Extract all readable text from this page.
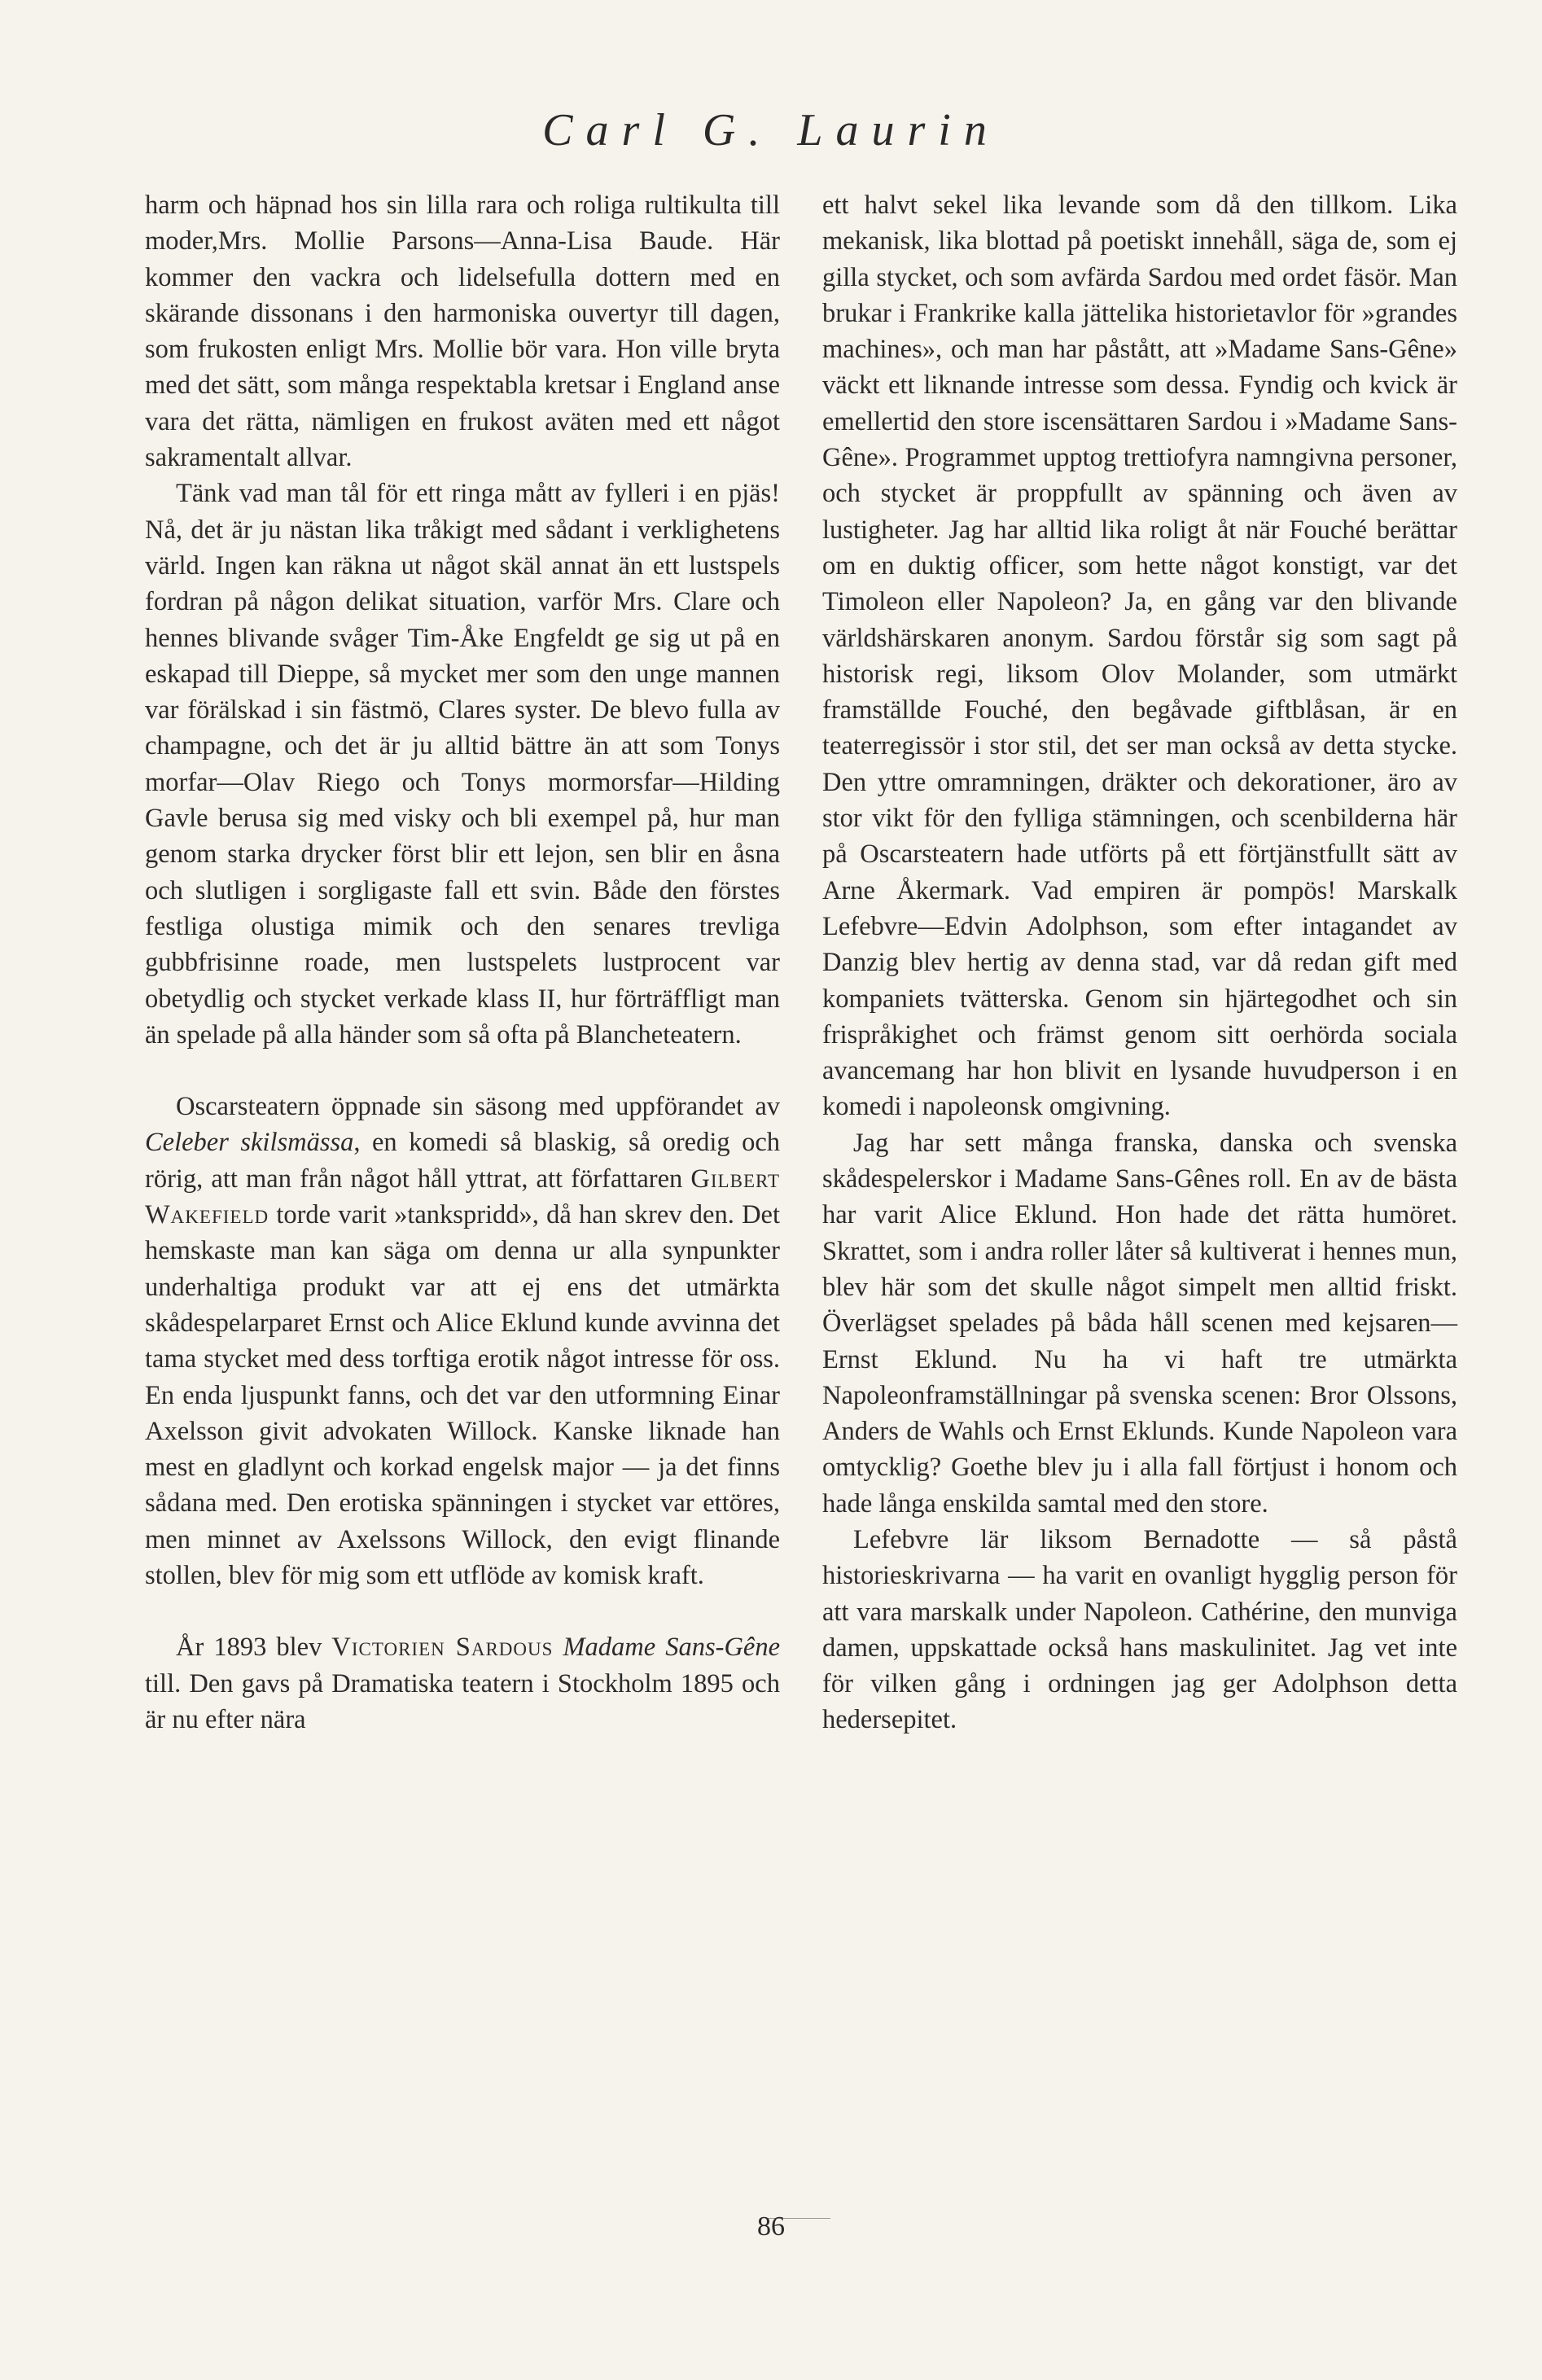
Carl G. Laurin

harm och häpnad hos sin lilla rara och roliga rultikulta till moder,Mrs. Mollie Parsons—Anna-Lisa Baude. Här kommer den vackra och lidelsefulla dottern med en skärande dissonans i den harmoniska ouvertyr till dagen, som frukosten enligt Mrs. Mollie bör vara. Hon ville bryta med det sätt, som många respektabla kretsar i England anse vara det rätta, nämligen en frukost aväten med ett något sakramentalt allvar.

Tänk vad man tål för ett ringa mått av fylleri i en pjäs! Nå, det är ju nästan lika tråkigt med sådant i verklighetens värld. Ingen kan räkna ut något skäl annat än ett lustspels fordran på någon delikat situation, varför Mrs. Clare och hennes blivande svåger Tim-Åke Engfeldt ge sig ut på en eskapad till Dieppe, så mycket mer som den unge mannen var förälskad i sin fästmö, Clares syster. De blevo fulla av champagne, och det är ju alltid bättre än att som Tonys morfar—Olav Riego och Tonys mormorsfar—Hilding Gavle berusa sig med visky och bli exempel på, hur man genom starka drycker först blir ett lejon, sen blir en åsna och slutligen i sorgligaste fall ett svin. Både den förstes festliga olustiga mimik och den senares trevliga gubbfrisinne roade, men lustspelets lustprocent var obetydlig och stycket verkade klass II, hur förträffligt man än spelade på alla händer som så ofta på Blancheteatern.

Oscarsteatern öppnade sin säsong med uppförandet av Celeber skilsmässa, en komedi så blaskig, så oredig och rörig, att man från något håll yttrat, att författaren Gilbert Wakefield torde varit »tankspridd», då han skrev den. Det hemskaste man kan säga om denna ur alla synpunkter underhaltiga produkt var att ej ens det utmärkta skådespelarparet Ernst och Alice Eklund kunde avvinna det tama stycket med dess torftiga erotik något intresse för oss. En enda ljuspunkt fanns, och det var den utformning Einar Axelsson givit advokaten Willock. Kanske liknade han mest en gladlynt och korkad engelsk major — ja det finns sådana med. Den erotiska spänningen i stycket var ettöres, men minnet av Axelssons Willock, den evigt flinande stollen, blev för mig som ett utflöde av komisk kraft.

År 1893 blev Victorien Sardous Madame Sans-Gêne till. Den gavs på Dramatiska teatern i Stockholm 1895 och är nu efter nära

ett halvt sekel lika levande som då den tillkom. Lika mekanisk, lika blottad på poetiskt innehåll, säga de, som ej gilla stycket, och som avfärda Sardou med ordet fäsör. Man brukar i Frankrike kalla jättelika historietavlor för »grandes machines», och man har påstått, att »Madame Sans-Gêne» väckt ett liknande intresse som dessa. Fyndig och kvick är emellertid den store iscensättaren Sardou i »Madame Sans-Gêne». Programmet upptog trettiofyra namngivna personer, och stycket är proppfullt av spänning och även av lustigheter. Jag har alltid lika roligt åt när Fouché berättar om en duktig officer, som hette något konstigt, var det Timoleon eller Napoleon? Ja, en gång var den blivande världshärskaren anonym. Sardou förstår sig som sagt på historisk regi, liksom Olov Molander, som utmärkt framställde Fouché, den begåvade giftblåsan, är en teaterregissör i stor stil, det ser man också av detta stycke. Den yttre omramningen, dräkter och dekorationer, äro av stor vikt för den fylliga stämningen, och scenbilderna här på Oscarsteatern hade utförts på ett förtjänstfullt sätt av Arne Åkermark. Vad empiren är pompös! Marskalk Lefebvre—Edvin Adolphson, som efter intagandet av Danzig blev hertig av denna stad, var då redan gift med kompaniets tvätterska. Genom sin hjärtegodhet och sin frispråkighet och främst genom sitt oerhörda sociala avancemang har hon blivit en lysande huvudperson i en komedi i napoleonsk omgivning.

Jag har sett många franska, danska och svenska skådespelerskor i Madame Sans-Gênes roll. En av de bästa har varit Alice Eklund. Hon hade det rätta humöret. Skrattet, som i andra roller låter så kultiverat i hennes mun, blev här som det skulle något simpelt men alltid friskt. Överlägset spelades på båda håll scenen med kejsaren—Ernst Eklund. Nu ha vi haft tre utmärkta Napoleonframställningar på svenska scenen: Bror Olssons, Anders de Wahls och Ernst Eklunds. Kunde Napoleon vara omtycklig? Goethe blev ju i alla fall förtjust i honom och hade långa enskilda samtal med den store.

Lefebvre lär liksom Bernadotte — så påstå historieskrivarna — ha varit en ovanligt hygglig person för att vara marskalk under Napoleon. Cathérine, den munviga damen, uppskattade också hans maskulinitet. Jag vet inte för vilken gång i ordningen jag ger Adolphson detta hedersepitet.

86
